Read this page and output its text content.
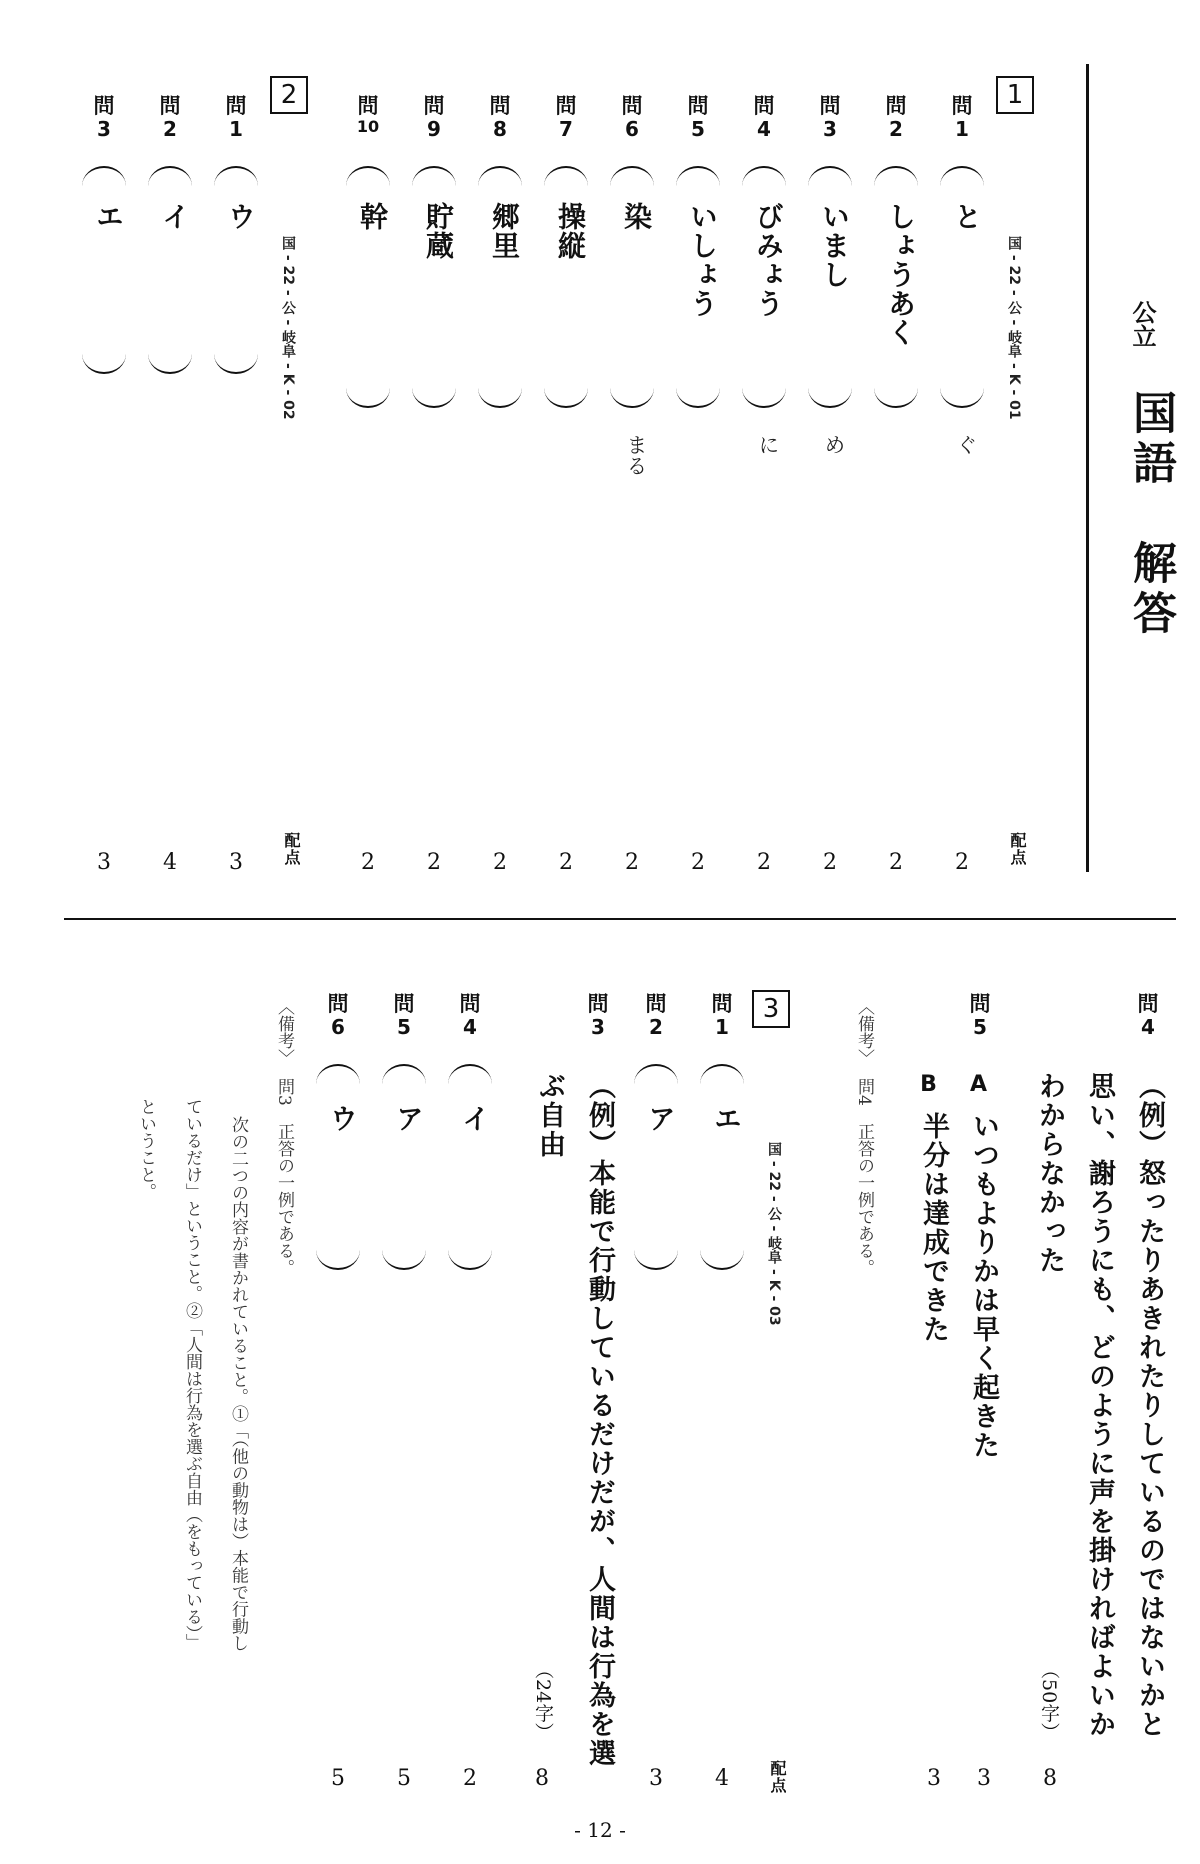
公立
国語　解答
1
国 - 22 - 公 - 岐阜 - K - 01
配点
問
1
と
ぐ
2
問
2
しょうあく
2
問
3
いまし
め
2
問
4
びみょう
に
2
問
5
いしょう
2
問
6
染
まる
2
問
7
操縦
2
問
8
郷里
2
問
9
貯蔵
2
問
10
幹
2
2
国 - 22 - 公 - 岐阜 - K - 02
配点
問
1
ウ
3
問
2
イ
4
問
3
エ
3
問
4
（例）怒ったりあきれたりしているのではないかと
思い、謝ろうにも、どのように声を掛ければよいか
わからなかった
（50字）
8
問
5
A
いつもよりかは早く起きた
B
半分は達成できた
3
3
〈備考〉
問4　正答の一例である。
3
国 - 22 - 公 - 岐阜 - K - 03
配点
問
1
エ
4
問
2
ア
3
問
4
イ
2
問
5
ア
5
問
6
ウ
5
問
3
（例）本能で行動しているだけだが、人間は行為を選
ぶ自由
（24字）
8
〈備考〉
問3　正答の一例である。
次の二つの内容が書かれていること。①「（他の動物は）本能で行動し
ているだけ」ということ。②「人間は行為を選ぶ自由（をもっている）」
ということ。
- 12 -
